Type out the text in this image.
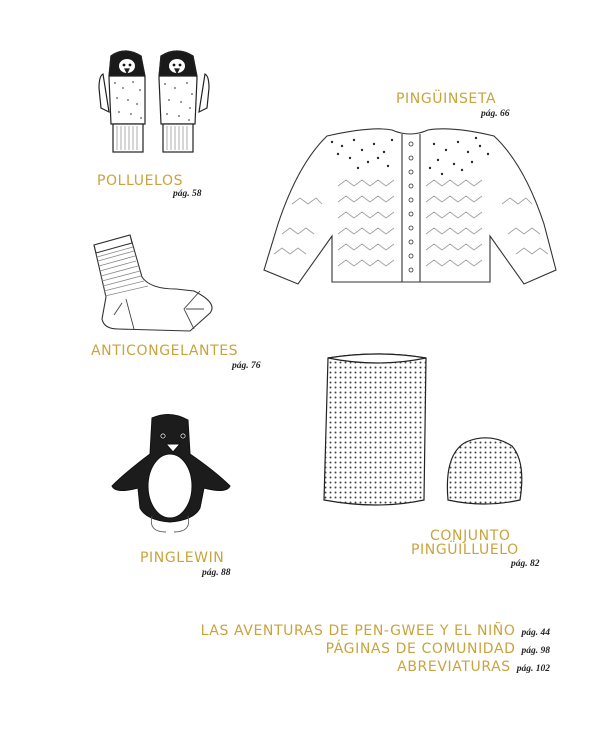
POLLUELOS
pág. 58
PINGÜINSETA
pág. 66
ANTICONGELANTES
pág. 76
PINGLEWIN
pág. 88
CONJUNTO
PINGÜILLUELO
pág. 82
LAS AVENTURAS DE PEN-GWEE Y EL NIÑO pág. 44
PÁGINAS DE COMUNIDAD pág. 98
ABREVIATURAS pág. 102
